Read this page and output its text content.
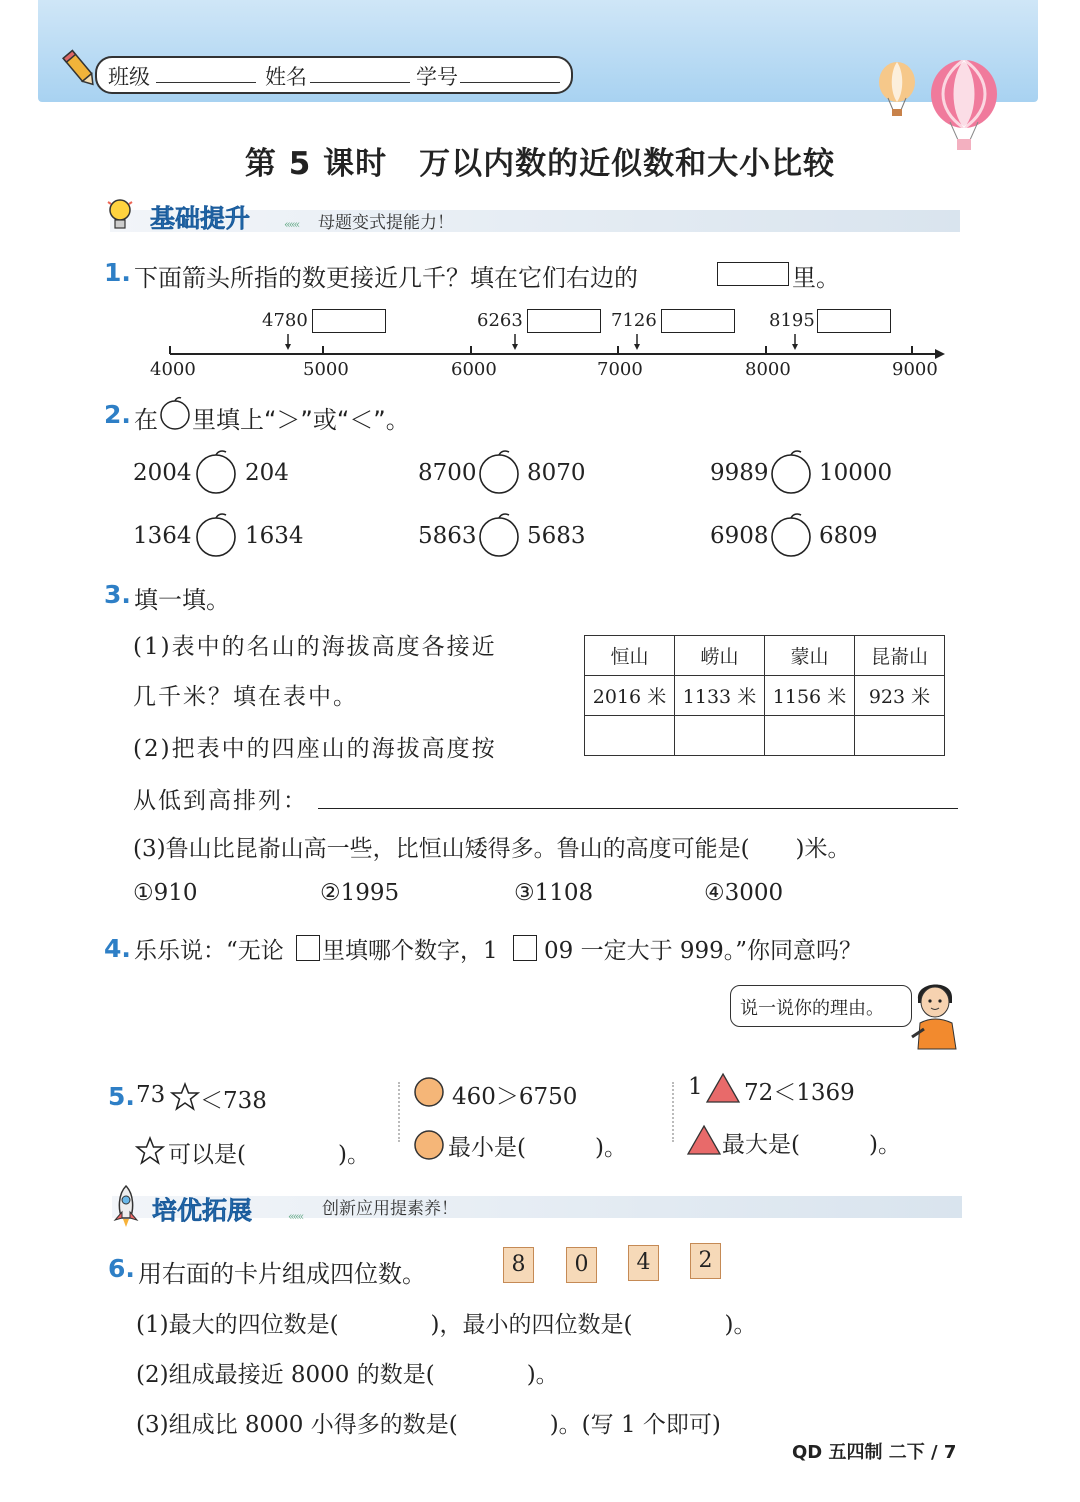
班级	姓名	学号
第 5 课时　万以内数的近似数和大小比较
基础提升	««« 母题变式提能力！
1. 下面箭头所指的数更接近几千？填在它们右边的	里。
4780	6263	7126	8195
4000	5000	6000	7000	8000	9000
2. 在 里填上“＞”或“＜”。
2004 204	8700 8070	9989 10000
1364 1634	5863 5683	6908 6809
3. 填一填。
(1)表中的名山的海拔高度各接近
几千米？填在表中。
(2)把表中的四座山的海拔高度按
从低到高排列：
恒山	崂山	蒙山	昆嵛山
2016 米	1133 米	1156 米	923 米

(3)鲁山比昆嵛山高一些，比恒山矮得多。鲁山的高度可能是(　　)米。
①910	②1995	③1108	④3000
4. 乐乐说：“无论 里填哪个数字，1 09 一定大于 999。”你同意吗？
说一说你的理由。
5. 73 ＜738
可以是(　　　　)。
460＞6750
最小是(　　　)。
1 72＜1369
最大是(　　　)。
培优拓展	««« 创新应用提素养！
6. 用右面的卡片组成四位数。	8	0	4	2
(1)最大的四位数是(　　　　)，最小的四位数是(　　　　)。
(2)组成最接近 8000 的数是(　　　　)。
(3)组成比 8000 小得多的数是(　　　　)。(写 1 个即可)
QD 五四制 二下 / 7
